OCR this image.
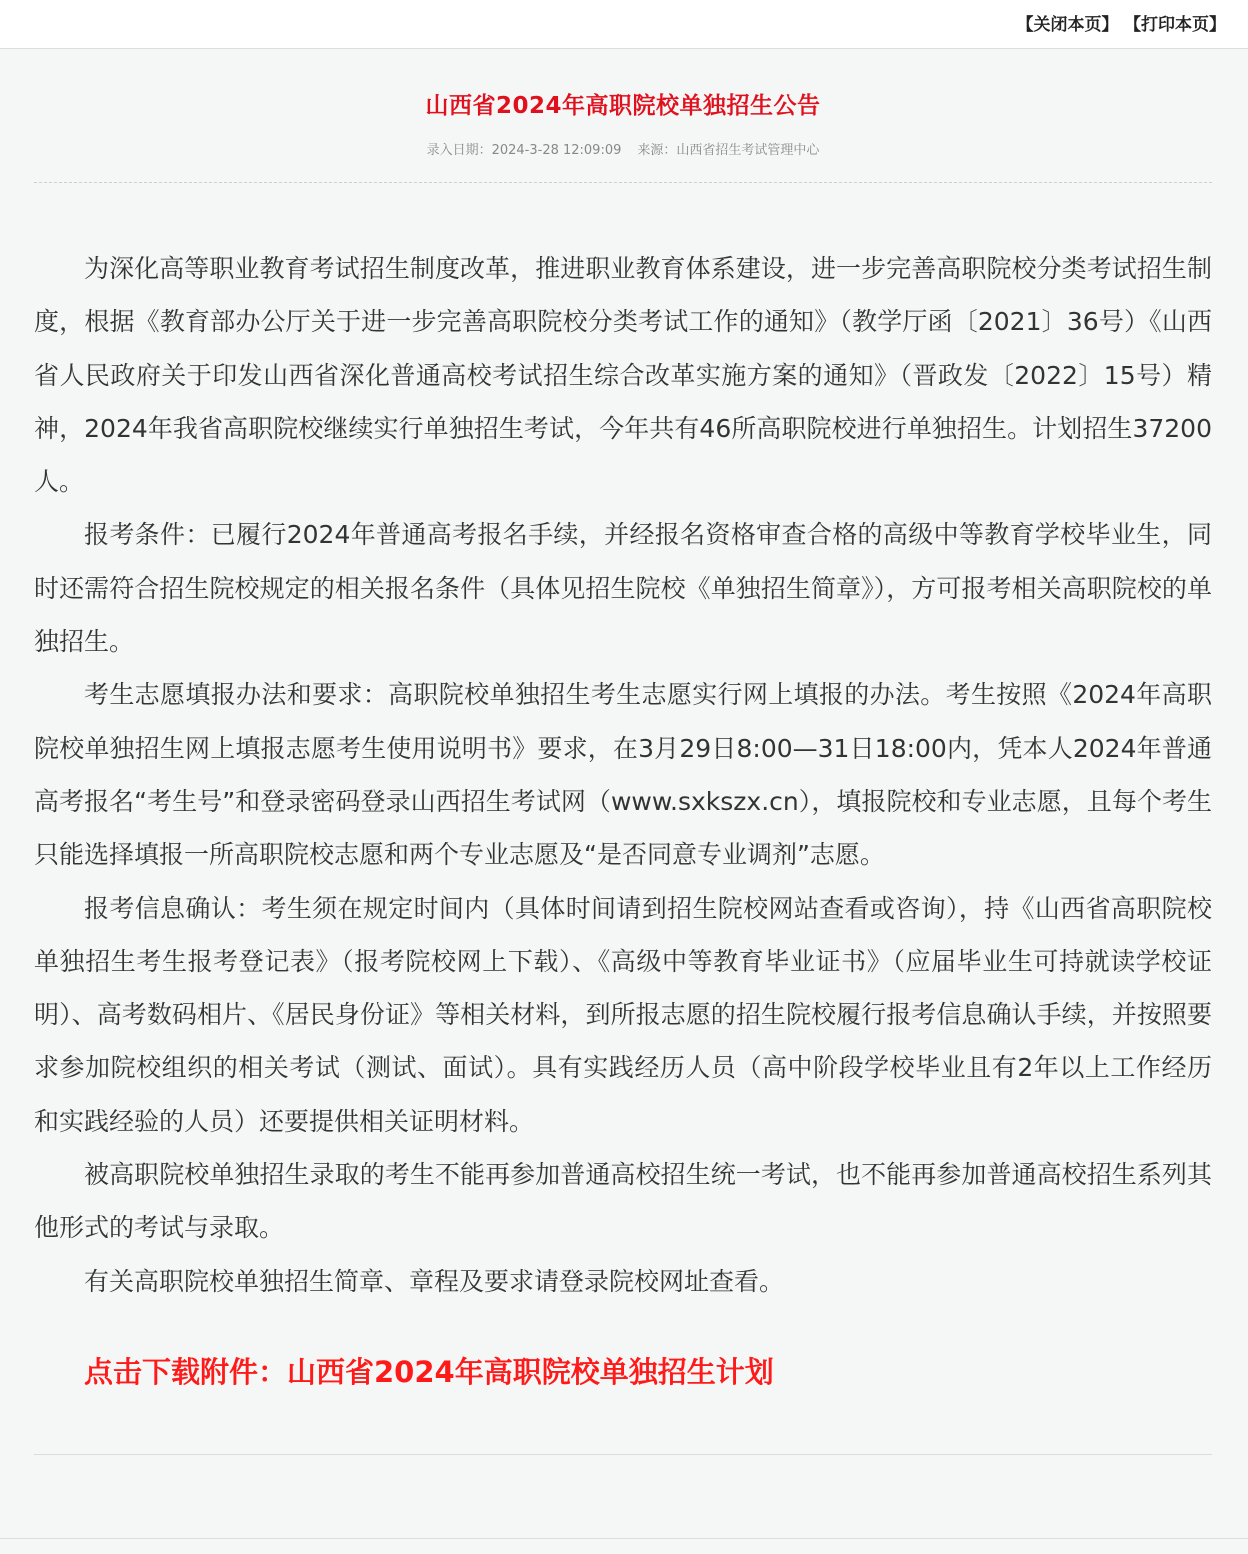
【关闭本页】 【打印本页】
山西省2024年高职院校单独招生公告
录入日期：2024-3-28 12:09:09 来源：山西省招生考试管理中心

为深化高等职业教育考试招生制度改革，推进职业教育体系建设，进一步完善高职院校分类考试招生制度，根据《教育部办公厅关于进一步完善高职院校分类考试工作的通知》（教学厅函〔2021〕36号）《山西省人民政府关于印发山西省深化普通高校考试招生综合改革实施方案的通知》（晋政发〔2022〕15号）精神，2024年我省高职院校继续实行单独招生考试，今年共有46所高职院校进行单独招生。计划招生37200人。

报考条件：已履行2024年普通高考报名手续，并经报名资格审查合格的高级中等教育学校毕业生，同时还需符合招生院校规定的相关报名条件（具体见招生院校《单独招生简章》），方可报考相关高职院校的单独招生。

考生志愿填报办法和要求：高职院校单独招生考生志愿实行网上填报的办法。考生按照《2024年高职院校单独招生网上填报志愿考生使用说明书》要求，在3月29日8:00—31日18:00内，凭本人2024年普通高考报名“考生号”和登录密码登录山西招生考试网（www.sxkszx.cn），填报院校和专业志愿，且每个考生只能选择填报一所高职院校志愿和两个专业志愿及“是否同意专业调剂”志愿。

报考信息确认：考生须在规定时间内（具体时间请到招生院校网站查看或咨询），持《山西省高职院校单独招生考生报考登记表》（报考院校网上下载）、《高级中等教育毕业证书》（应届毕业生可持就读学校证明）、高考数码相片、《居民身份证》等相关材料，到所报志愿的招生院校履行报考信息确认手续，并按照要求参加院校组织的相关考试（测试、面试）。具有实践经历人员（高中阶段学校毕业且有2年以上工作经历和实践经验的人员）还要提供相关证明材料。

被高职院校单独招生录取的考生不能再参加普通高校招生统一考试，也不能再参加普通高校招生系列其他形式的考试与录取。

有关高职院校单独招生简章、章程及要求请登录院校网址查看。

点击下载附件：山西省2024年高职院校单独招生计划
